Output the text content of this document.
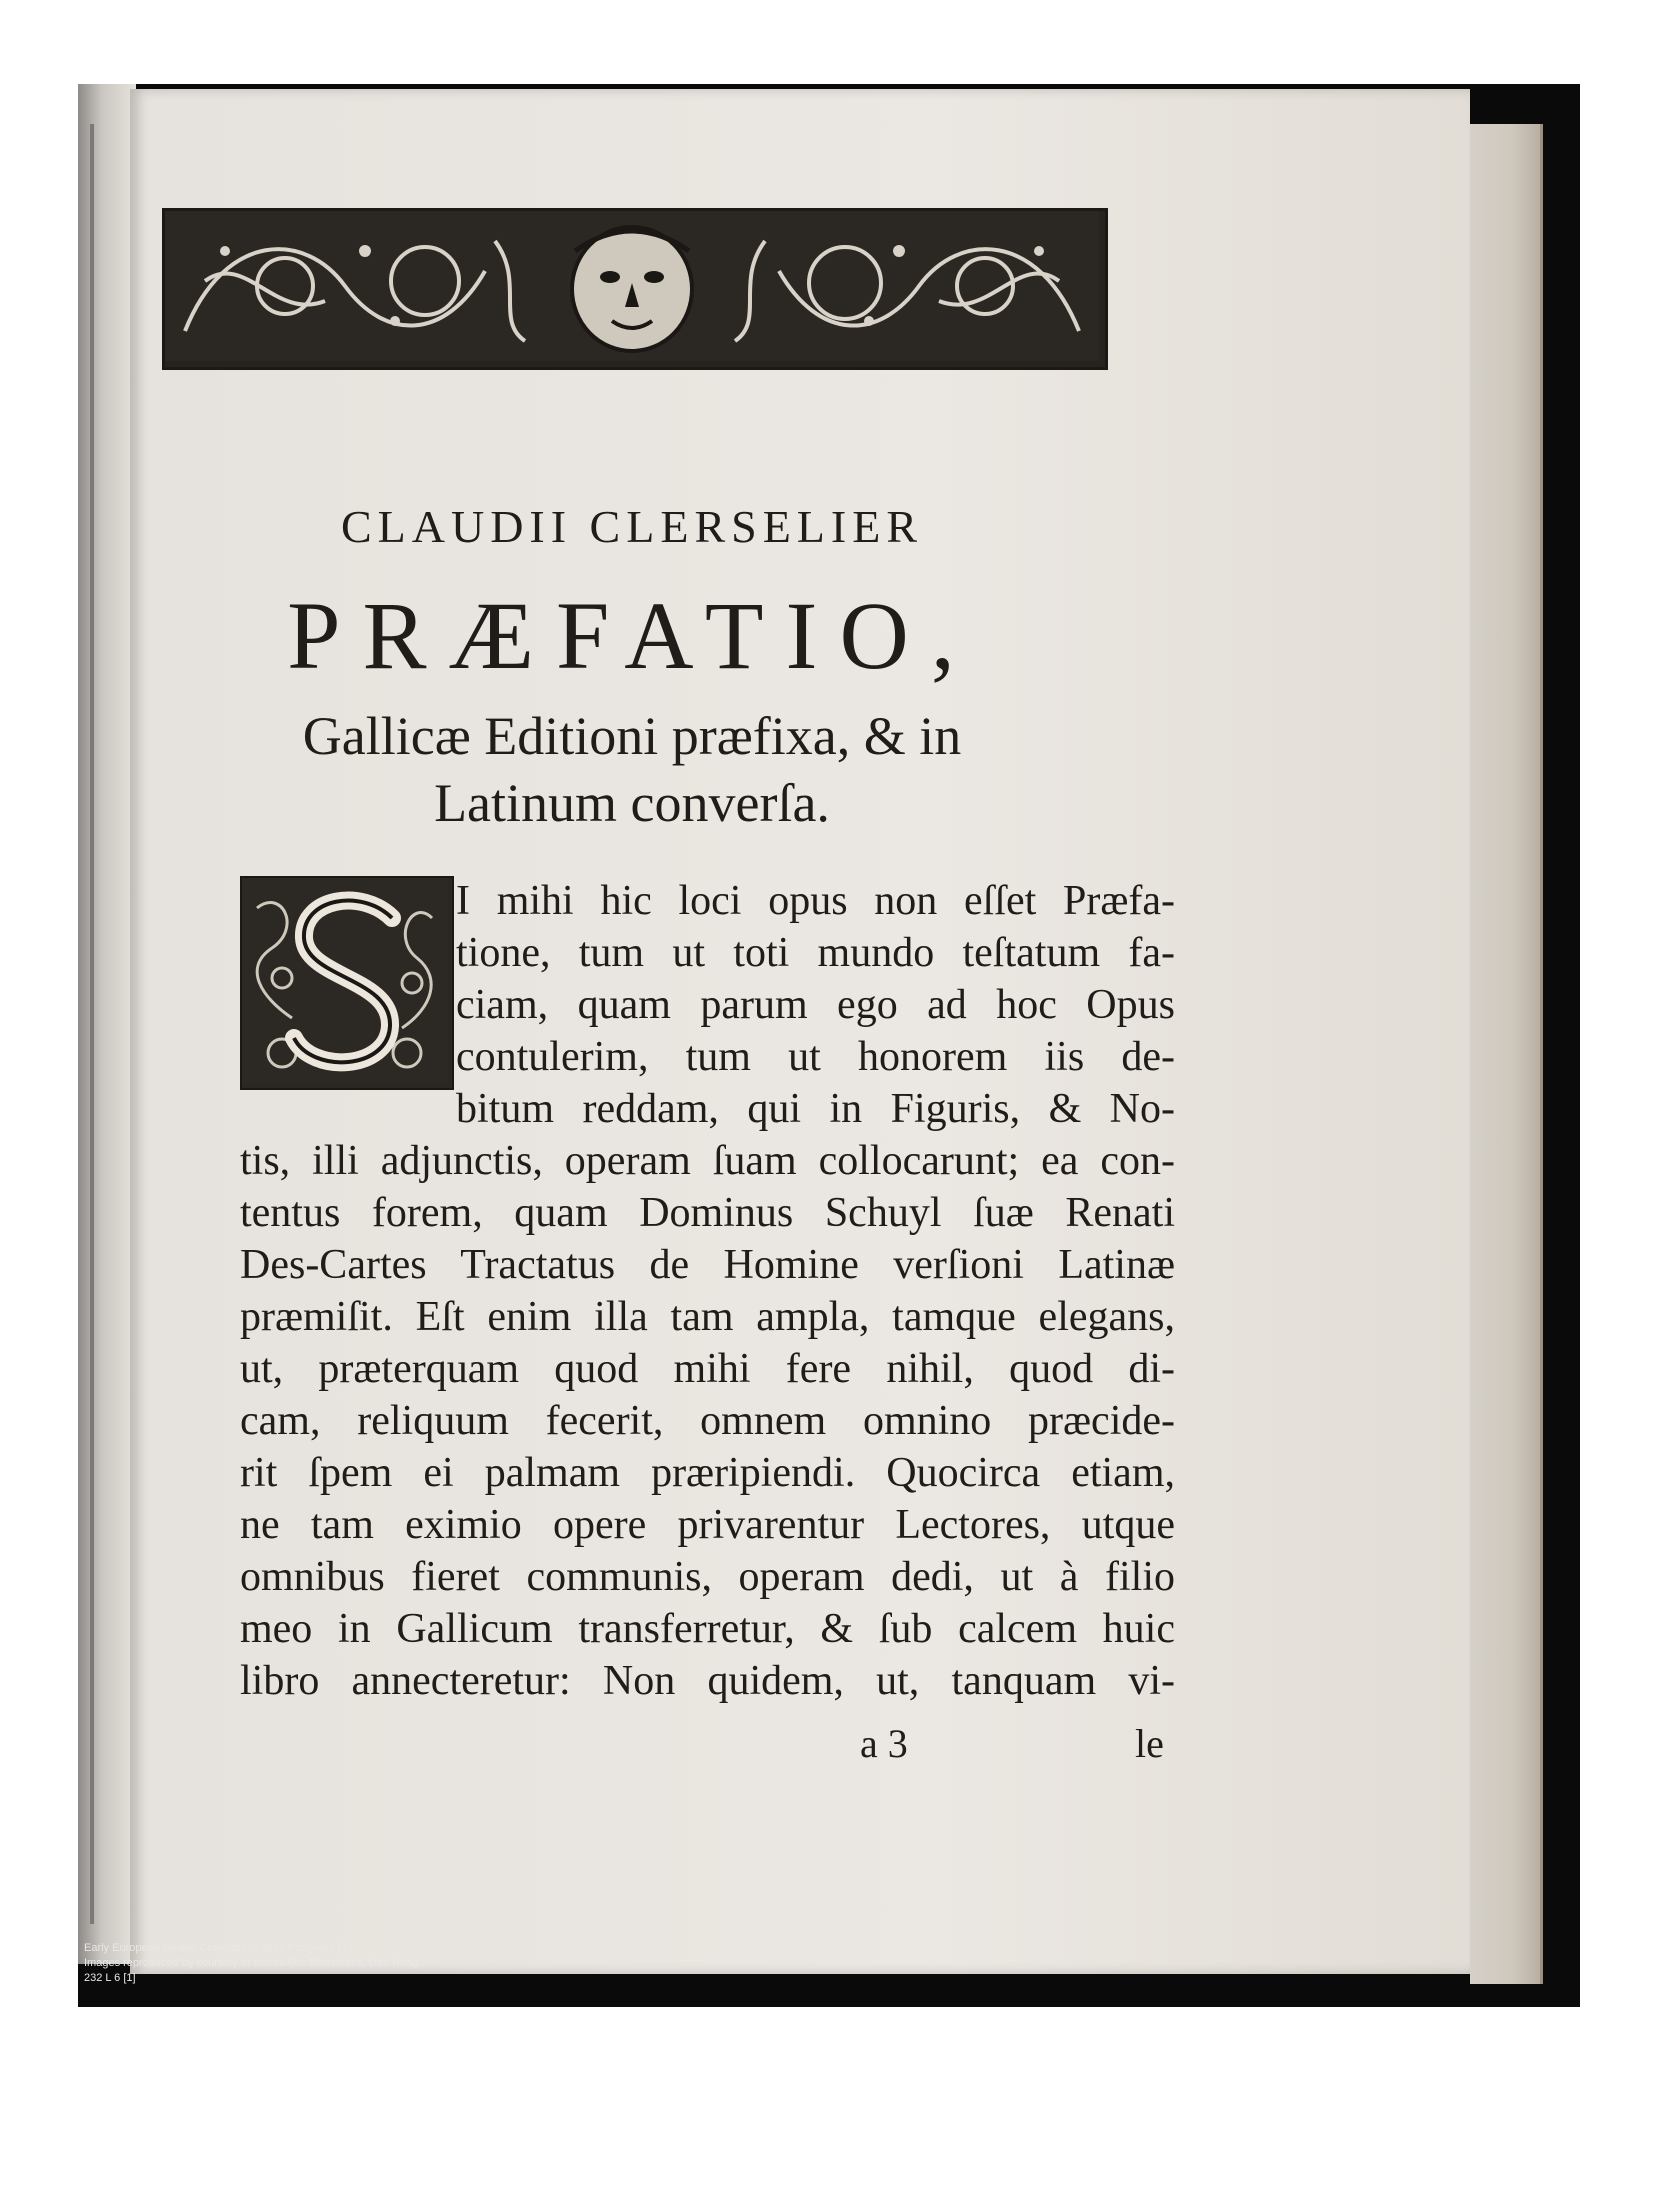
CLAUDII CLERSELIER
PRÆFATIO,
Gallicæ Editioni præfixa, & in
Latinum converſa.
I mihi hic loci opus non eſſet Præfa-
tione, tum ut toti mundo teſtatum fa-
ciam, quam parum ego ad hoc Opus
contulerim, tum ut honorem iis de-
bitum reddam, qui in Figuris, & No-
tis, illi adjunctis, operam ſuam collocarunt; ea con-
tentus forem, quam Dominus Schuyl ſuæ Renati
Des-Cartes Tractatus de Homine verſioni Latinæ
præmiſit. Eſt enim illa tam ampla, tamque elegans,
ut, præterquam quod mihi fere nihil, quod di-
cam, reliquum fecerit, omnem omnino præcide-
rit ſpem ei palmam præripiendi. Quocirca etiam,
ne tam eximio opere privarentur Lectores, utque
omnibus fieret communis, operam dedi, ut à filio
meo in Gallicum transferretur, & ſub calcem huic
libro annecteretur: Non quidem, ut, tanquam vi-
a 3	le
Early European Books, Copyright © 2011 ProQuest LLC.
Images reproduced by courtesy of Koninklijke Bibliotheek, Den Haag.
232 L 6 [1]
